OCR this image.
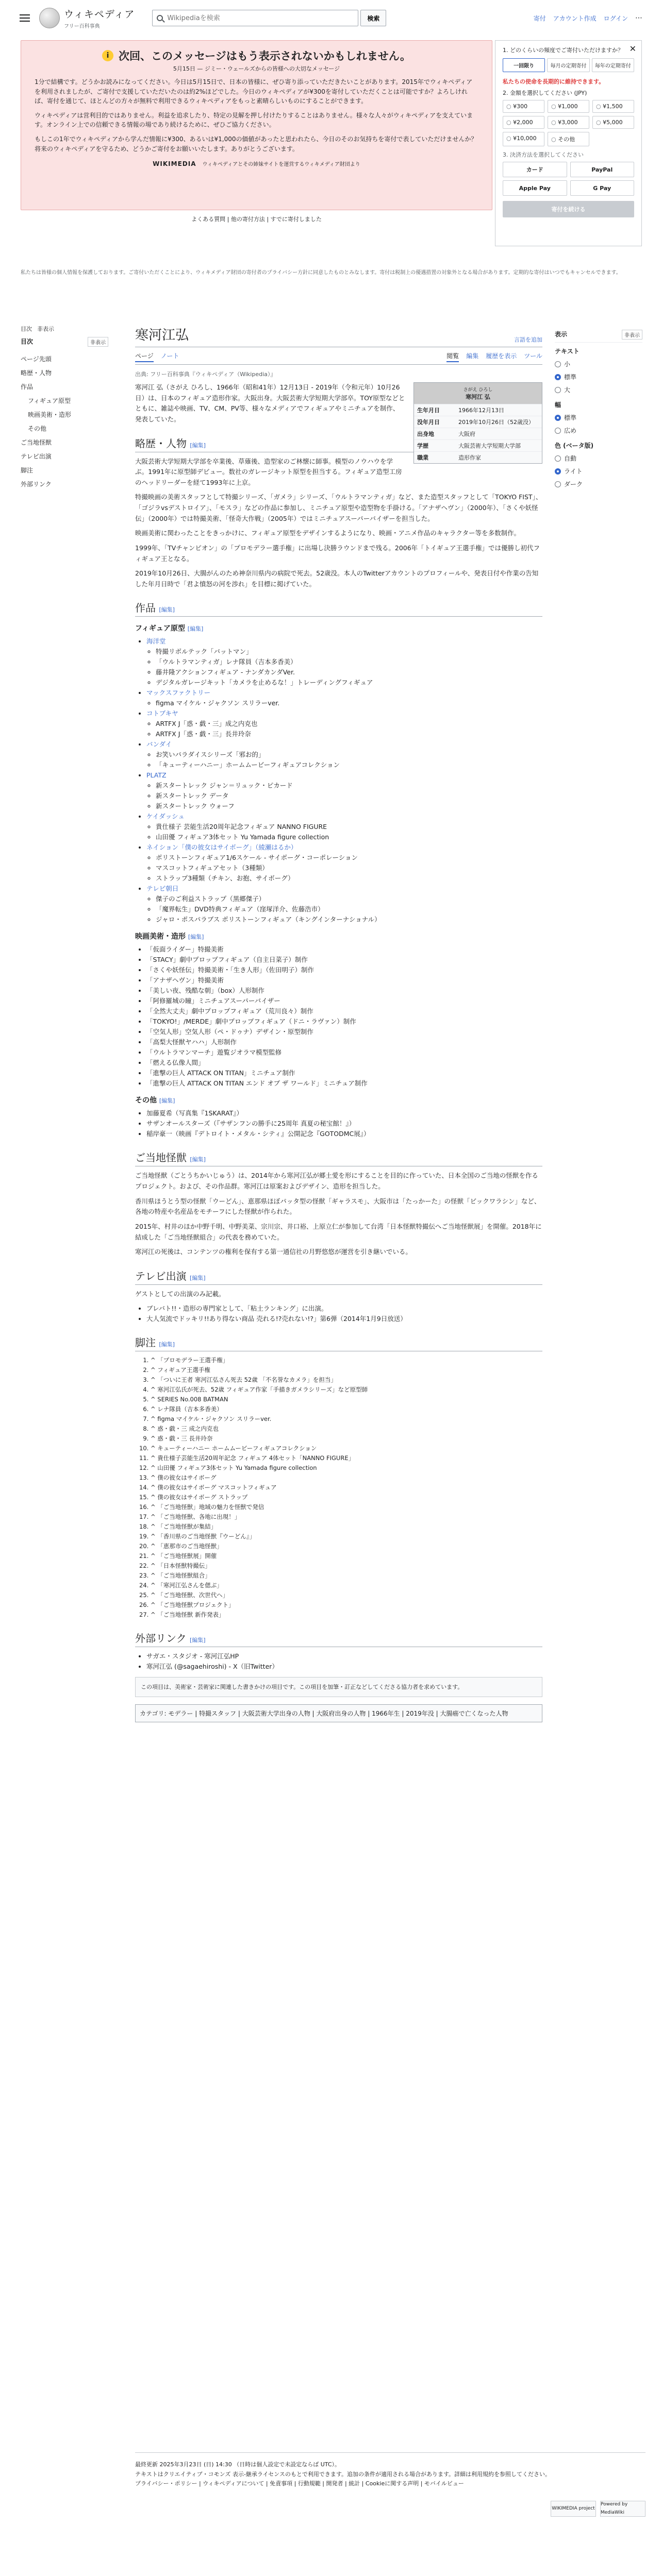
ウィキペディア
フリー百科事典
Wikipediaを検索
検索	寄付 アカウント作成 ログイン ⋯
i 次回、このメッセージはもう表示されないかもしれません。
5月15日 — ジミー・ウェールズからの皆様への大切なメッセージ

1分で結構です。どうかお読みになってください。今日は5月15日で、日本の皆様に、ぜひ寄り添っていただきたいことがあります。2015年でウィキペディアを利用されましたが、ご寄付で支援していただいたのは約2%ほどでした。今日のウィキペディアが¥300を寄付していただくことは可能ですか？よろしければ、寄付を通じて、ほとんどの方々が無料で利用できるウィキペディアをもっと素晴らしいものにすることができます。

ウィキペディアは営利目的ではありません。利益を追求したり、特定の見解を押し付けたりすることはありません。様々な人々がウィキペディアを支えています。オンライン上での信頼できる情報の場であり続けるために、ぜひご協力ください。

もしこの1年でウィキペディアから学んだ情報に¥300、あるいは¥1,000の価値があったと思われたら、今日のそのお気持ちを寄付で表していただけませんか？将来のウィキペディアを守るため、どうかご寄付をお願いいたします。ありがとうございます。

WIKIMEDIA ウィキペディアとその姉妹サイトを運営するウィキメディア財団より
よくある質問 | 他の寄付方法 | すでに寄付しました
✕
1. どのくらいの頻度でご寄付いただけますか？
一回限り	毎月の定期寄付	毎年の定期寄付
私たちの使命を長期的に維持できます。
2. 金額を選択してください (JPY)
○ ¥300	○ ¥1,000	○ ¥1,500
○ ¥2,000	○ ¥3,000	○ ¥5,000
○ ¥10,000	○ その他
3. 決済方法を選択してください
カード	PayPal
Apple Pay	G Pay
寄付を続ける
私たちは皆様の個人情報を保護しております。ご寄付いただくことにより、ウィキメディア財団の寄付者のプライバシー方針に同意したものとみなします。寄付は税制上の優遇措置の対象外となる場合があります。定期的な寄付はいつでもキャンセルできます。
目次 非表示
目次	非表示
ページ先頭
略歴・人物
作品
フィギュア原型
映画美術・造形
その他
ご当地怪獣
テレビ出演
脚注
外部リンク
寒河江弘	言語を追加
ページ ノート	閲覧 編集 履歴を表示 ツール
出典: フリー百科事典『ウィキペディア（Wikipedia）』
さがえ ひろし
寒河江 弘
生年月日	1966年12月13日
没年月日	2019年10月26日（52歳没）
出身地	大阪府
学歴	大阪芸術大学短期大学部
職業	造形作家

寒河江 弘（さがえ ひろし、1966年（昭和41年）12月13日 - 2019年（令和元年）10月26日）は、日本のフィギュア造形作家。大阪出身。大阪芸術大学短期大学部卒。TOY原型などとともに、雑誌や映画、TV、CM、PV等、様々なメディアでフィギュアやミニチュアを制作、発表していた。

略歴・人物 [編集]

大阪芸術大学短期大学部を卒業後、草薙後、造型家のご林懐に師事。模型のノウハウを学ぶ。1991年に原型師デビュー。数社のガレージキット原型を担当する。フィギュア造型工房のヘッドリーダーを経て1993年に上京。

特撮映画の美術スタッフとして特撮シリーズ、「ガメラ」シリーズ、「ウルトラマンティガ」など、また造型スタッフとして「TOKYO FIST」、「ゴジラvsデストロイア」、「モスラ」などの作品に参加し、ミニチュア原型や造型物を手掛ける。「アナザヘヴン」（2000年）、「さくや妖怪伝」（2000年）では特撮美術、「怪奇大作戦」（2005年）ではミニチュアスーパーバイザーを担当した。

映画美術に関わったことをきっかけに、フィギュア原型をデザインするようになり、映画・アニメ作品のキャラクター等を多数制作。

1999年、「TVチャンピオン」の「プロモデラー選手権」に出場し決勝ラウンドまで残る。2006年「トイギュア王選手権」では優勝し初代フィギュア王となる。

2019年10月26日、大腸がんのため神奈川県内の病院で死去。52歳没。本人のTwitterアカウントのプロフィールや、発表日付や作業の告知した年月日時で「君よ憤怒の河を渉れ」を目標に掲げていた。

作品 [編集]
フィギュア原型 [編集]
• 海洋堂
◦ 特撮リボルテック「バットマン」
◦ 「ウルトラマンティガ」レナ隊員（吉本多香美）
◦ 藤井隆アクションフィギュア - ナンダカンダVer.
◦ デジタルガレージキット「カメラを止めるな！」トレーディングフィギュア
• マックスファクトリー
◦ figma マイケル・ジャクソン スリラーver.
• コトブキヤ
◦ ARTFX J「惑・戯・三」成之内克也
◦ ARTFX J「惑・戯・三」長井玲奈
• バンダイ
◦ お笑いパラダイスシリーズ「邪お的」
◦ 「キューティーハニー」ホームムービーフィギュアコレクション
• PLATZ
◦ 新スタートレック ジャン＝リュック・ピカード
◦ 新スタートレック データ
◦ 新スタートレック ウォーフ
• ケイダッシュ
◦ 貴仕様子 芸能生活20周年記念フィギュア NANNO FIGURE
◦ 山田優 フィギュア3体セット Yu Yamada figure collection
• ネイション「僕の彼女はサイボーグ」（綾瀬はるか）
◦ ポリストーンフィギュア1/6スケール - サイボーグ・コーポレーション
◦ マスコットフィギュアセット（3種類）
◦ ストラップ3種類（チキン、お抱、サイボーグ）
• テレビ朝日
◦ 傑子のご利益ストラップ（黒郷傑子）
◦ 「魔界転生」DVD特典フィギュア（窪塚洋介、佐藤浩市）
◦ ジャロ・ポスパラブス ポリストーンフィギュア（キングインターナショナル）
映画美術・造形 [編集]
• 「仮面ライダー」特撮美術
• 「STACY」劇中プロップフィギュア（自主日菜子）制作
• 「さくや妖怪伝」特撮美術・「生き人形」（佐田明子）制作
• 「アナザヘヴン」特撮美術
• 「美しい夜、残酷な朝」（box）人形制作
• 「阿修羅城の瞳」ミニチュアスーパーバイザー
• 「全然大丈夫」劇中プロップフィギュア（荒川良々）制作
• 「TOKYO!」/MERDE」劇中プロップフィギュア（ドニ・ラヴァン）制作
• 「空気人形」空気人形（ペ・ドゥナ）デザイン・原型制作
• 「高梨大怪獣ヤハハ」人形制作
• 「ウルトラマンマーチ」遊覧ジオラマ模型監修
• 「燃える仏像人間」
• 「進撃の巨人 ATTACK ON TITAN」ミニチュア制作
• 「進撃の巨人 ATTACK ON TITAN エンド オブ ザ ワールド」ミニチュア制作
その他 [編集]
• 加藤夏希（写真集『1SKARAT』）
• サザンオールスターズ（『サザンフンの勝手に25周年 真夏の秘宝館！』）
• 稲岸豪一（映画『デトロイト・メタル・シティ』公開記念『GOTODMC展』）
ご当地怪獣 [編集]

ご当地怪獣（ごとうちかいじゅう）は、2014年から寒河江弘が郷土愛を形にすることを目的に作っていた、日本全国のご当地の怪獣を作るプロジェクト。および、その作品群。寒河江は原案およびデザイン、造形を担当した。

香川県ほうとう型の怪獣「ウーどん」、恵那県ほぼパッタ型の怪獣「ギャラスモ」、大阪市は「たっかーた」の怪獣「ビックワラシン」など、各地の特産や名産品をモチーフにした怪獣が作られた。

2015年、村井のほか中野千明、中野美菜、宗川宗、井口裕、上原立仁が参加して台湾「日本怪獣特撮伝へご当地怪獣展」を開催。2018年に結成した「ご当地怪獣組合」の代表を務めていた。

寒河江の死後は、コンテンツの権利を保有する第一通信社の月野悠悠が運営を引き継いでいる。

テレビ出演 [編集]

ゲストとしての出演のみ記載。

• ブレバト!!・造形の専門家として、「粘土ランキング」に出演。
• 大人気流でドッキリ!!あり得ない商品 売れる!?売れない!?」第6弾（2014年1月9日放送）
脚注 [編集]
1. ^ 「プロモデラー王選手権」
2. ^ フィギュア王選手権
3. ^ 「ついに王者 寒河江弘さん死去 52歳 「不名誉なカメラ」を担当」
4. ^ 寒河江弘氏が死去、52歳 フィギュア作家「手描きガメラシリーズ」など原型師
5. ^ SERIES No.008 BATMAN
6. ^ レナ隊員（吉本多香美）
7. ^ figma マイケル・ジャクソン スリラーver.
8. ^ 惑・戯・三 成之内克也
9. ^ 惑・戯・三 長井玲奈
10. ^ キューティーハニー ホームムービーフィギュアコレクション
11. ^ 貴仕様子芸能生活20周年記念 フィギュア 4体セット「NANNO FIGURE」
12. ^ 山田優 フィギュア3体セット Yu Yamada figure collection
13. ^ 僕の彼女はサイボーグ
14. ^ 僕の彼女はサイボーグ マスコットフィギュア
15. ^ 僕の彼女はサイボーグ ストラップ
16. ^ 「ご当地怪獣」地域の魅力を怪獣で発信
17. ^ 「ご当地怪獣、各地に出現！」
18. ^ 「ご当地怪獣が集結」
19. ^ 「香川県のご当地怪獣『ウーどん』」
20. ^ 「恵那市のご当地怪獣」
21. ^ 「ご当地怪獣展」開催
22. ^ 「日本怪獣特撮伝」
23. ^ 「ご当地怪獣組合」
24. ^ 「寒河江弘さんを偲ぶ」
25. ^ 「ご当地怪獣、次世代へ」
26. ^ 「ご当地怪獣プロジェクト」
27. ^ 「ご当地怪獣 新作発表」
外部リンク [編集]
• サガエ・スタジオ - 寒河江弘HP
• 寒河江弘 (@sagaehiroshi) - X（旧Twitter）
この項目は、美術家・芸術家に関連した書きかけの項目です。この項目を加筆・訂正などしてくださる協力者を求めています。
カテゴリ: モデラー | 特撮スタッフ | 大阪芸術大学出身の人物 | 大阪府出身の人物 | 1966年生 | 2019年没 | 大腸癌で亡くなった人物
表示	非表示
テキスト
小
標準
大
幅
標準
広め
色 (ベータ版)
自動
ライト
ダーク
最終更新 2025年3月23日 (日) 14:30 （日時は個人設定で未設定ならば UTC）。
テキストはクリエイティブ・コモンズ 表示-継承ライセンスのもとで利用できます。追加の条件が適用される場合があります。詳細は利用規約を参照してください。
プライバシー・ポリシー | ウィキペディアについて | 免責事項 | 行動規範 | 開発者 | 統計 | Cookieに関する声明 | モバイルビュー
WIKIMEDIA project
Powered by MediaWiki
